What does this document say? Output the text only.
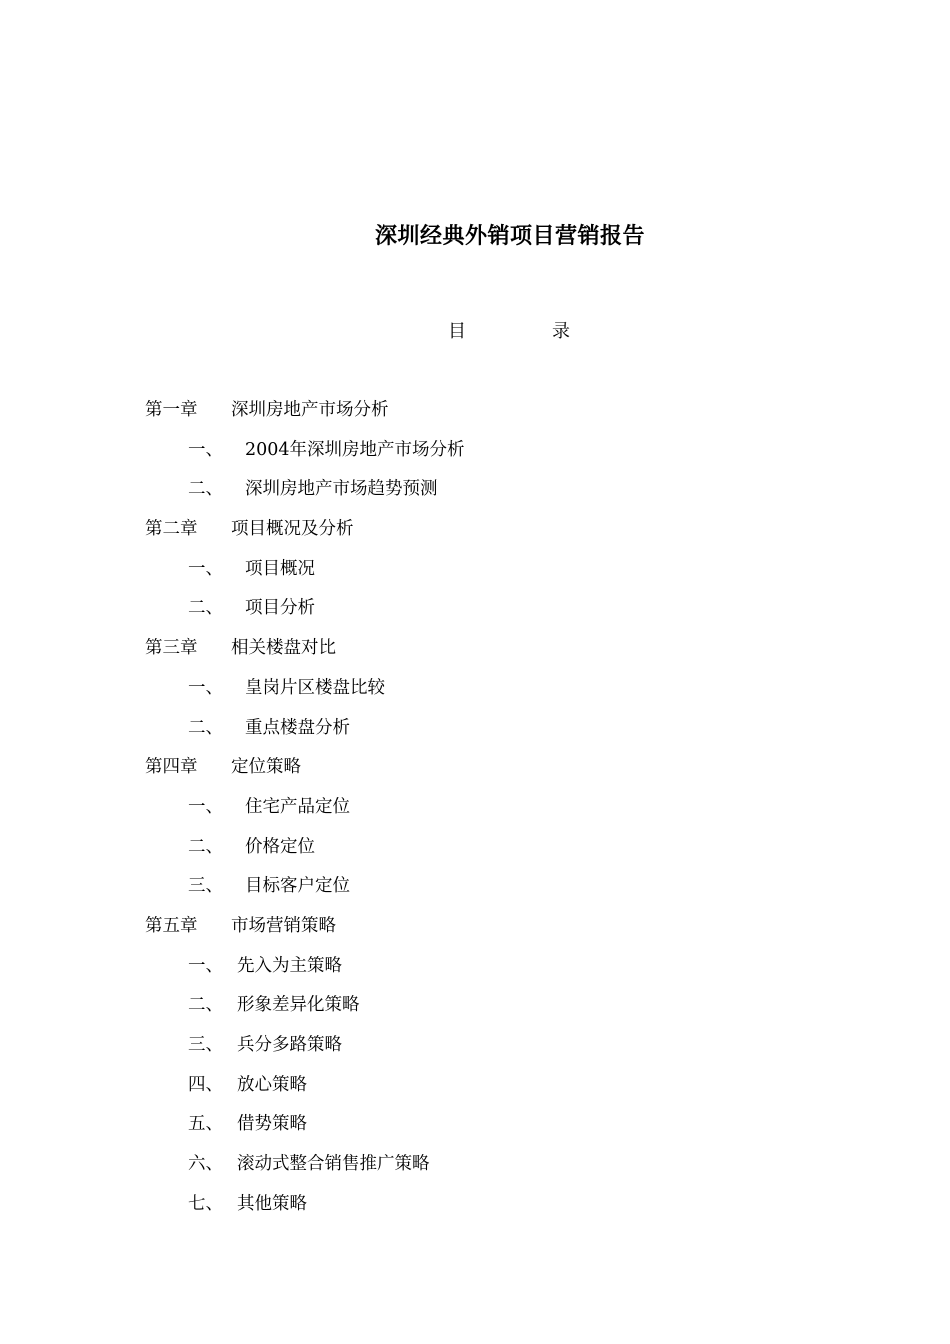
深圳经典外销项目营销报告
目	录
第一章 深圳房地产市场分析
一、 2004年深圳房地产市场分析
二、 深圳房地产市场趋势预测
第二章 项目概况及分析
一、 项目概况
二、 项目分析
第三章 相关楼盘对比
一、 皇岗片区楼盘比较
二、 重点楼盘分析
第四章 定位策略
一、 住宅产品定位
二、 价格定位
三、 目标客户定位
第五章 市场营销策略
一、 先入为主策略
二、 形象差异化策略
三、 兵分多路策略
四、 放心策略
五、 借势策略
六、 滚动式整合销售推广策略
七、 其他策略
